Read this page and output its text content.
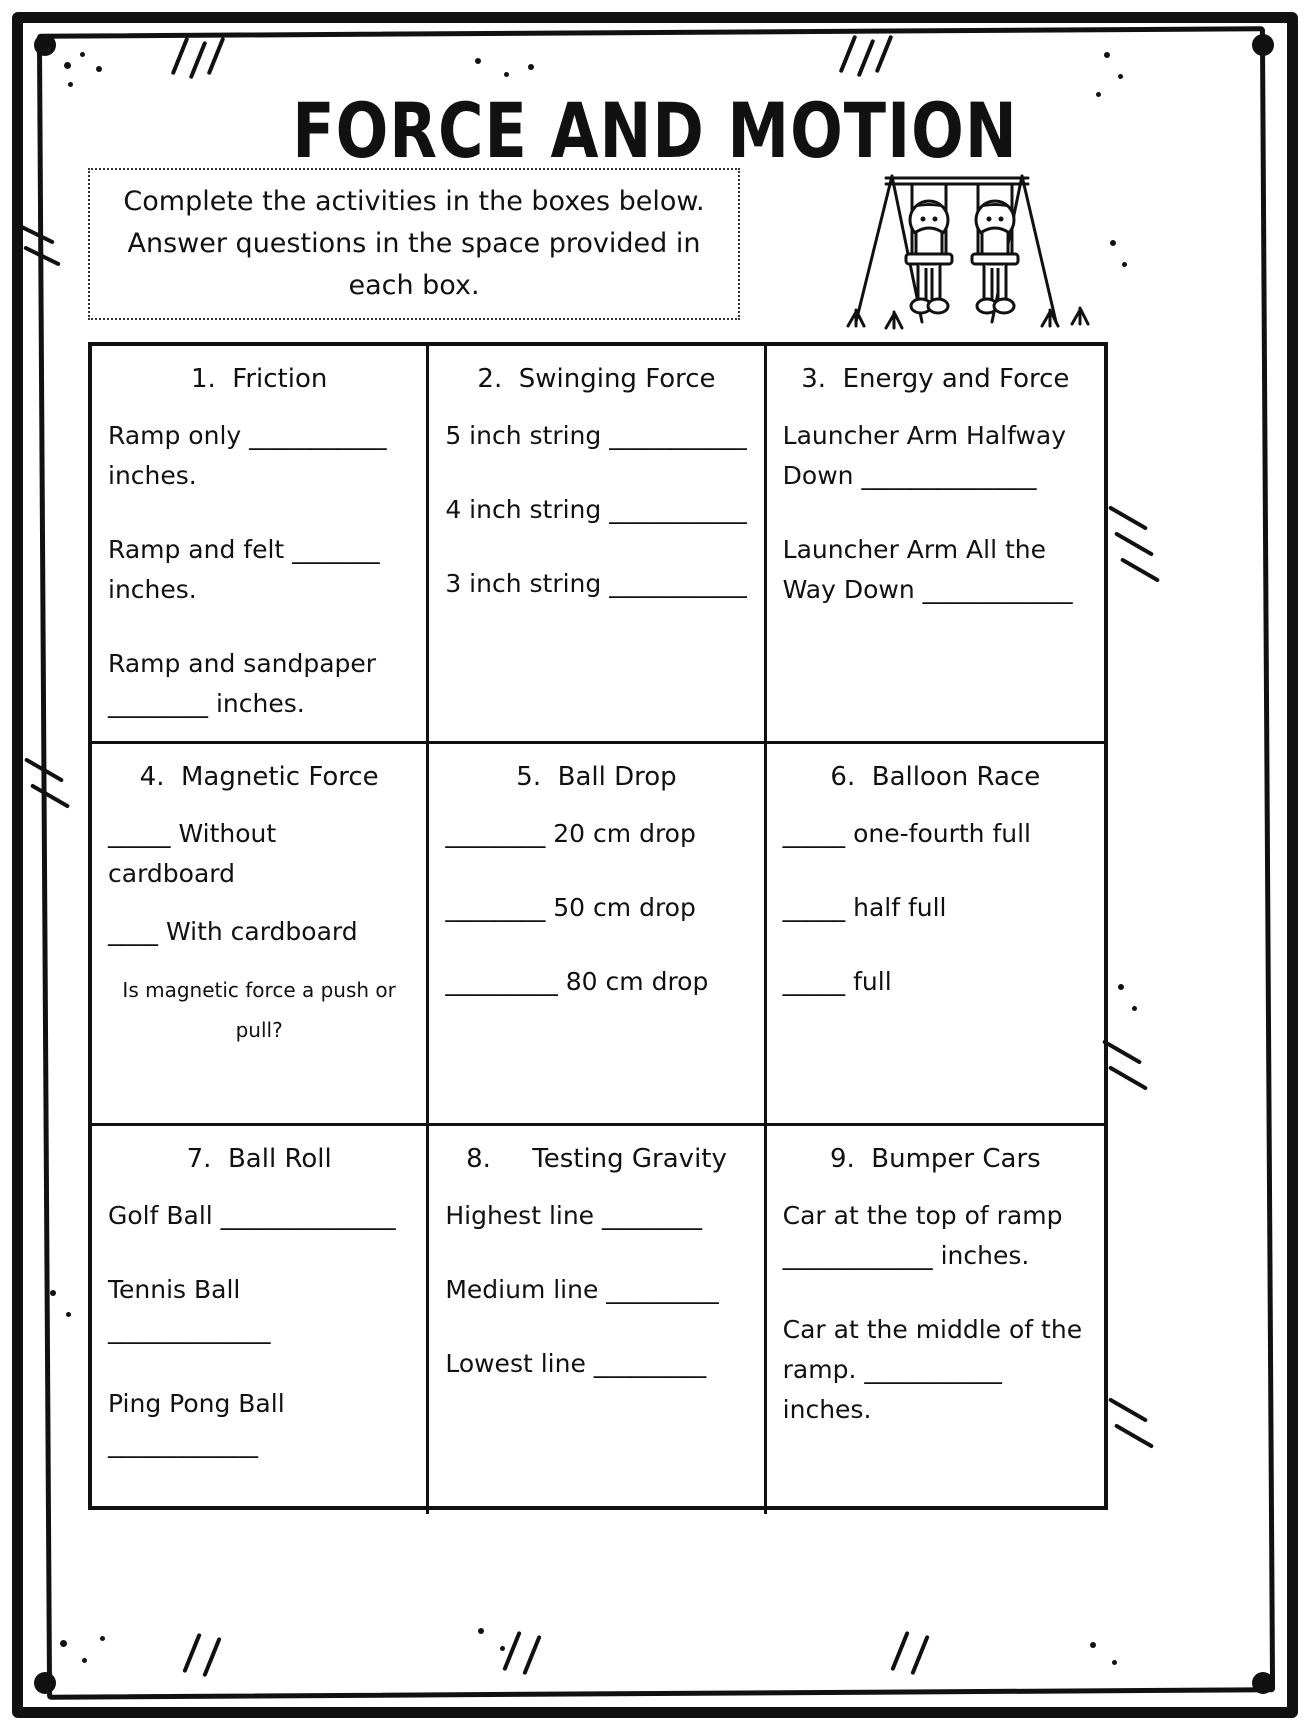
FORCE AND MOTION
Complete the activities in the boxes below. Answer questions in the space provided in each box.
1.  Friction
Ramp only ___________ inches.
Ramp and felt _______ inches.
Ramp and sandpaper ________ inches.
2.  Swinging Force
5 inch string ___________
4 inch string ___________
3 inch string ___________
3.  Energy and Force
Launcher Arm Halfway Down ______________
Launcher Arm All the Way Down ____________
4.  Magnetic Force
_____ Without cardboard
____ With cardboard
Is magnetic force a push or pull?
5.  Ball Drop
________ 20 cm drop
________ 50 cm drop
_________ 80 cm drop
6.  Balloon Race
_____ one-fourth full
_____ half full
_____ full
7.  Ball Roll
Golf Ball ______________
Tennis Ball _____________
Ping Pong Ball ____________
8.     Testing Gravity
Highest line ________
Medium line _________
Lowest line _________
9.  Bumper Cars
Car at the top of ramp ____________ inches.
Car at the middle of the ramp. ___________ inches.
